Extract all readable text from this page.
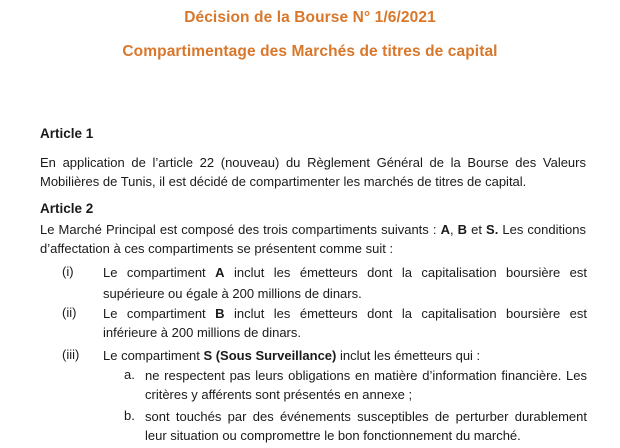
Décision de la Bourse N° 1/6/2021
Compartimentage des Marchés de titres de capital
Article 1
En application de l’article 22 (nouveau) du Règlement Général de la Bourse des Valeurs
Mobilières de Tunis, il est décidé de compartimenter les marchés de titres de capital.
Article 2
Le Marché Principal est composé des trois compartiments suivants : A, B et S. Les conditions
d’affectation à ces compartiments se présentent comme suit :
(i) Le compartiment A inclut les émetteurs dont la capitalisation boursière est
supérieure ou égale à 200 millions de dinars.
(ii) Le compartiment B inclut les émetteurs dont la capitalisation boursière est
inférieure à 200 millions de dinars.
(iii) Le compartiment S (Sous Surveillance) inclut les émetteurs qui :
a. ne respectent pas leurs obligations en matière d’information financière. Les
critères y afférents sont présentés en annexe ;
b. sont touchés par des événements susceptibles de perturber durablement
leur situation ou compromettre le bon fonctionnement du marché.
